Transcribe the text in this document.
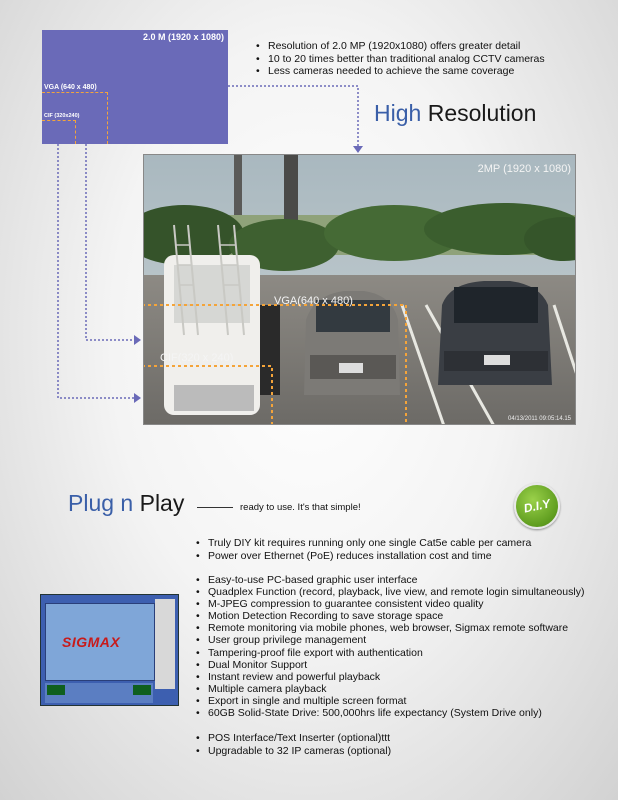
2.0 M (1920 x 1080)
VGA (640 x 480)
CIF (320x240)
• Resolution of 2.0 MP (1920x1080) offers greater detail
• 10 to 20 times better than traditional analog CCTV cameras
• Less cameras needed to achieve the same coverage
High Resolution
2MP (1920 x 1080)
VGA(640 x 480)
CIF(320 x 240)
04/13/2011 09:05:14.15
Plug n Play	ready to use. It's that simple!	D.I.Y
SIGMAX
• Truly DIY kit requires running only one single Cat5e cable per camera
• Power over Ethernet (PoE) reduces installation cost and time
• Easy-to-use PC-based graphic user interface
• Quadplex Function (record, playback, live view, and remote login simultaneously)
• M-JPEG compression to guarantee consistent video quality
• Motion Detection Recording to save storage space
• Remote monitoring via mobile phones, web browser, Sigmax remote software
• User group privilege management
• Tampering-proof file export with authentication
• Dual Monitor Support
• Instant review and powerful playback
• Multiple camera playback
• Export in single and multiple screen format
• 60GB Solid-State Drive: 500,000hrs life expectancy (System Drive only)
• POS Interface/Text Inserter (optional)ttt
• Upgradable to 32 IP cameras (optional)
